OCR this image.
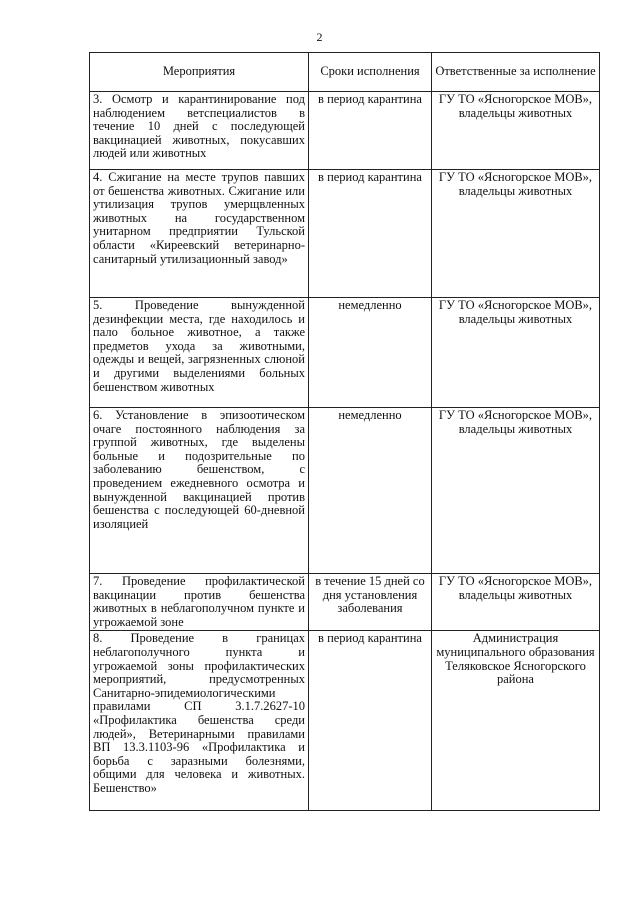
2
Мероприятия	Сроки исполнения	Ответственные за исполнение
3. Осмотр и карантинирование под наблюдением ветспециалистов в течение 10 дней с последующей вакцинацией животных, покусавших людей или животных	в период карантина	ГУ ТО «Ясногорское МОВ», владельцы животных
4. Сжигание на месте трупов павших от бешенства животных. Сжигание или утилизация трупов умерщвленных животных на государственном унитарном предприятии Тульской области «Киреевский ветеринарно-санитарный утилизационный завод»	в период карантина	ГУ ТО «Ясногорское МОВ», владельцы животных
5. Проведение вынужденной дезинфекции места, где находилось и пало больное животное, а также предметов ухода за животными, одежды и вещей, загрязненных слюной и другими выделениями больных бешенством животных	немедленно	ГУ ТО «Ясногорское МОВ», владельцы животных
6. Установление в эпизоотическом очаге постоянного наблюдения за группой животных, где выделены больные и подозрительные по заболеванию бешенством, с проведением ежедневного осмотра и вынужденной вакцинацией против бешенства с последующей 60-дневной изоляцией	немедленно	ГУ ТО «Ясногорское МОВ», владельцы животных
7. Проведение профилактической вакцинации против бешенства животных в неблагополучном пункте и угрожаемой зоне	в течение 15 дней со дня установления заболевания	ГУ ТО «Ясногорское МОВ», владельцы животных
8. Проведение в границах неблагополучного пункта и угрожаемой зоны профилактических мероприятий, предусмотренных Санитарно-эпидемиологическими правилами СП 3.1.7.2627-10 «Профилактика бешенства среди людей», Ветеринарными правилами ВП 13.3.1103-96 «Профилактика и борьба с заразными болезнями, общими для человека и животных. Бешенство»	в период карантина	Администрация муниципального образования Теляковское Ясногорского района
